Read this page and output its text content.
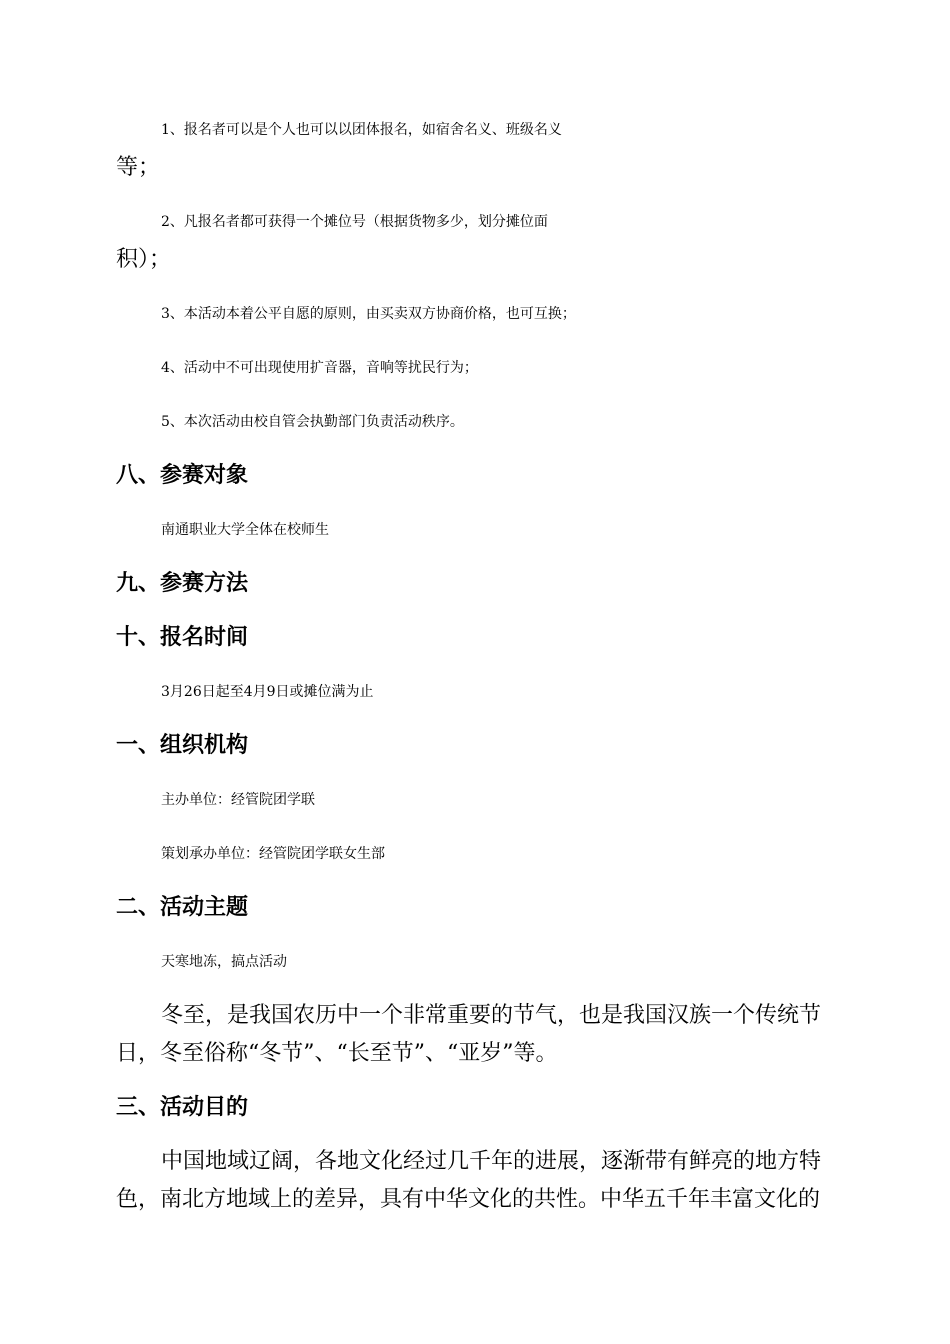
1、报名者可以是个人也可以以团体报名，如宿舍名义、班级名义
等；
2、凡报名者都可获得一个摊位号（根据货物多少，划分摊位面
积）；
3、本活动本着公平自愿的原则，由买卖双方协商价格，也可互换；
4、活动中不可出现使用扩音器，音响等扰民行为；
5、本次活动由校自管会执勤部门负责活动秩序。
八、参赛对象
南通职业大学全体在校师生
九、参赛方法
十、报名时间
3月26日起至4月9日或摊位满为止
一、组织机构
主办单位：经管院团学联
策划承办单位：经管院团学联女生部
二、活动主题
天寒地冻，搞点活动
冬至，是我国农历中一个非常重要的节气，也是我国汉族一个传统节
日，冬至俗称“冬节”、“长至节”、“亚岁”等。
三、活动目的
中国地域辽阔，各地文化经过几千年的进展，逐渐带有鲜亮的地方特
色，南北方地域上的差异，具有中华文化的共性。中华五千年丰富文化的
